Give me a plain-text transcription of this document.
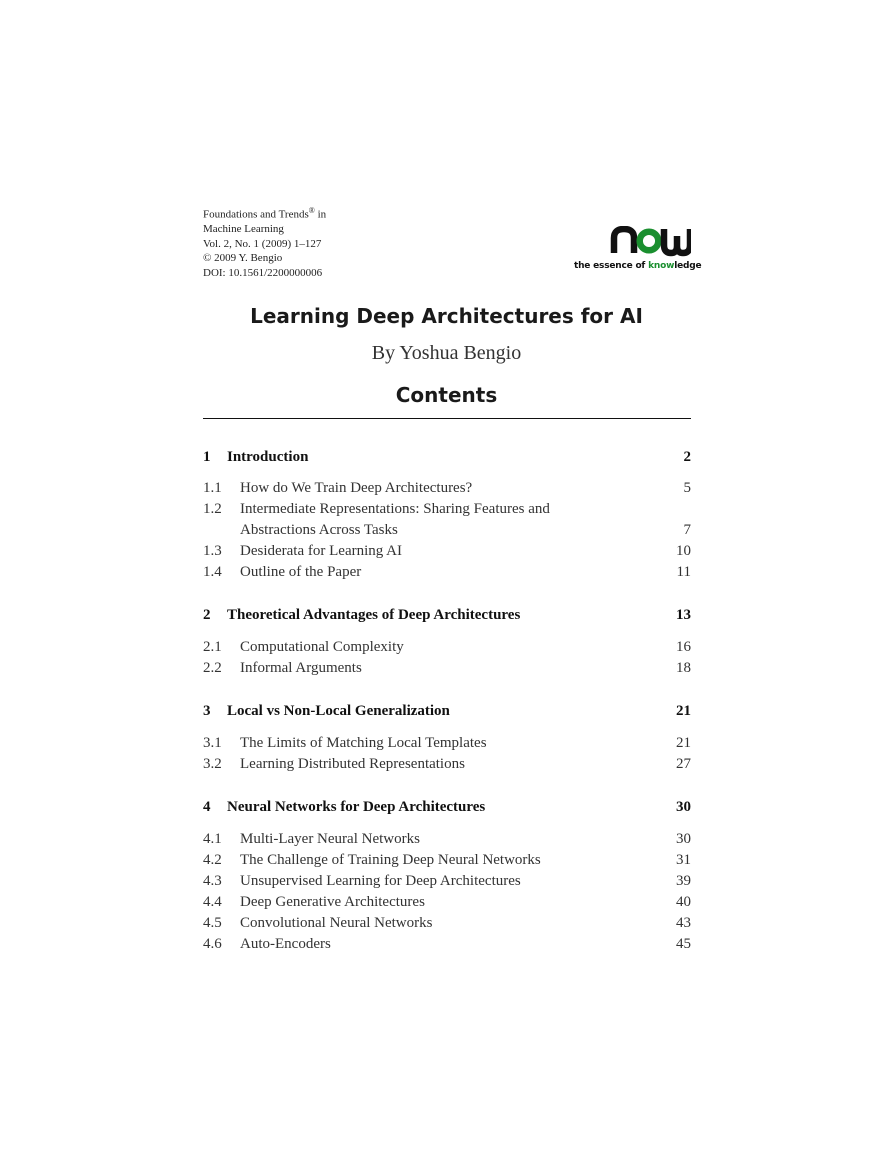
Foundations and Trends® in
Machine Learning
Vol. 2, No. 1 (2009) 1–127
© 2009 Y. Bengio
DOI: 10.1561/2200000006
the essence of knowledge
Learning Deep Architectures for AI
By Yoshua Bengio
Contents
1 Introduction	2
1.1 How do We Train Deep Architectures?	5
1.2 Intermediate Representations: Sharing Features and
Abstractions Across Tasks	7
1.3 Desiderata for Learning AI	10
1.4 Outline of the Paper	11
2 Theoretical Advantages of Deep Architectures	13
2.1 Computational Complexity	16
2.2 Informal Arguments	18
3 Local vs Non-Local Generalization	21
3.1 The Limits of Matching Local Templates	21
3.2 Learning Distributed Representations	27
4 Neural Networks for Deep Architectures	30
4.1 Multi-Layer Neural Networks	30
4.2 The Challenge of Training Deep Neural Networks	31
4.3 Unsupervised Learning for Deep Architectures	39
4.4 Deep Generative Architectures	40
4.5 Convolutional Neural Networks	43
4.6 Auto-Encoders	45
